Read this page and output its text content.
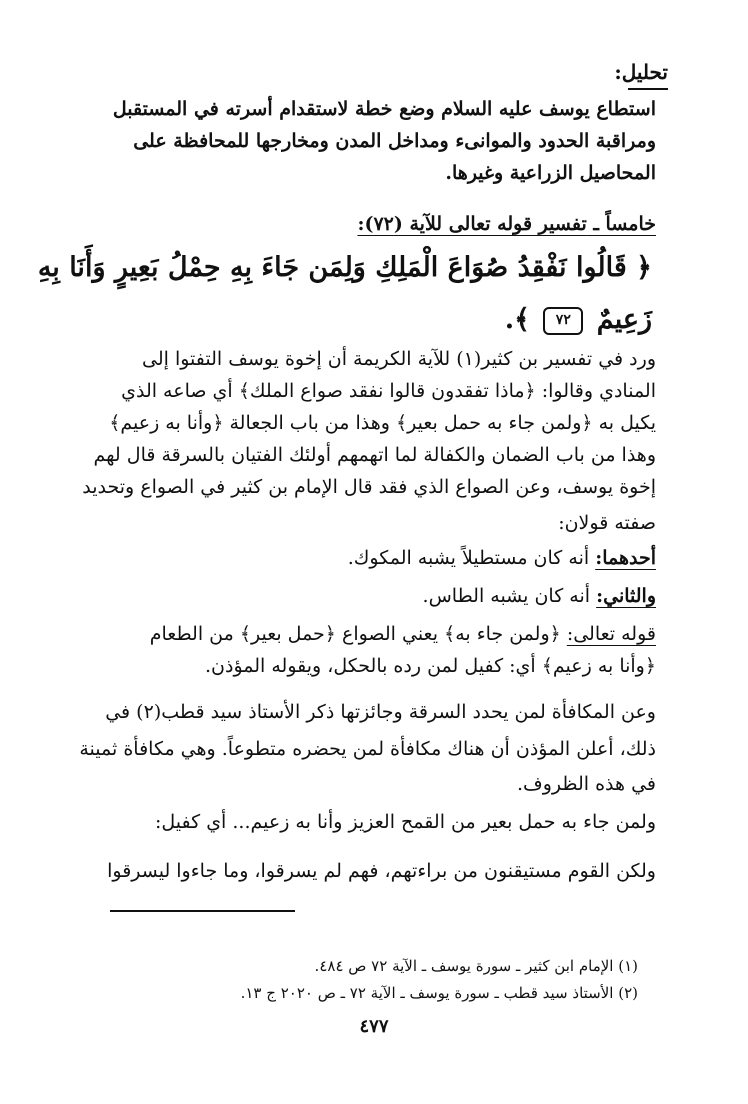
تحليل:
استطاع يوسف عليه السلام وضع خطة لاستقدام أسرته في المستقبل
ومراقبة الحدود والموانىء ومداخل المدن ومخارجها للمحافظة على
المحاصيل الزراعية وغيرها.
خامساً ـ تفسير قوله تعالى للآية (٧٢):
﴿ قَالُوا نَفْقِدُ صُوَاعَ الْمَلِكِ وَلِمَن جَاءَ بِهِ حِمْلُ بَعِيرٍ وَأَنَا بِهِ
زَعِيمٌ ٧٢ ﴾.
ورد في تفسير بن كثير(١) للآية الكريمة أن إخوة يوسف التفتوا إلى
المنادي وقالوا: ﴿ماذا تفقدون قالوا نفقد صواع الملك﴾ أي صاعه الذي
يكيل به ﴿ولمن جاء به حمل بعير﴾ وهذا من باب الجعالة ﴿وأنا به زعيم﴾
وهذا من باب الضمان والكفالة لما اتهمهم أولئك الفتيان بالسرقة قال لهم
إخوة يوسف، وعن الصواع الذي فقد قال الإمام بن كثير في الصواع وتحديد
صفته قولان:
أحدهما: أنه كان مستطيلاً يشبه المكوك.
والثاني: أنه كان يشبه الطاس.
قوله تعالى: ﴿ولمن جاء به﴾ يعني الصواع ﴿حمل بعير﴾ من الطعام
﴿وأنا به زعيم﴾ أي: كفيل لمن رده بالحكل، ويقوله المؤذن.
وعن المكافأة لمن يحدد السرقة وجائزتها ذكر الأستاذ سيد قطب(٢) في
ذلك، أعلن المؤذن أن هناك مكافأة لمن يحضره متطوعاً. وهي مكافأة ثمينة
في هذه الظروف.
ولمن جاء به حمل بعير من القمح العزيز وأنا به زعيم... أي كفيل:
ولكن القوم مستيقنون من براءتهم، فهم لم يسرقوا، وما جاءوا ليسرقوا
(١) الإمام ابن كثير ـ سورة يوسف ـ الآية ٧٢ ص ٤٨٤.
(٢) الأستاذ سيد قطب ـ سورة يوسف ـ الآية ٧٢ ـ ص ٢٠٢٠ ج ١٣.
٤٧٧
